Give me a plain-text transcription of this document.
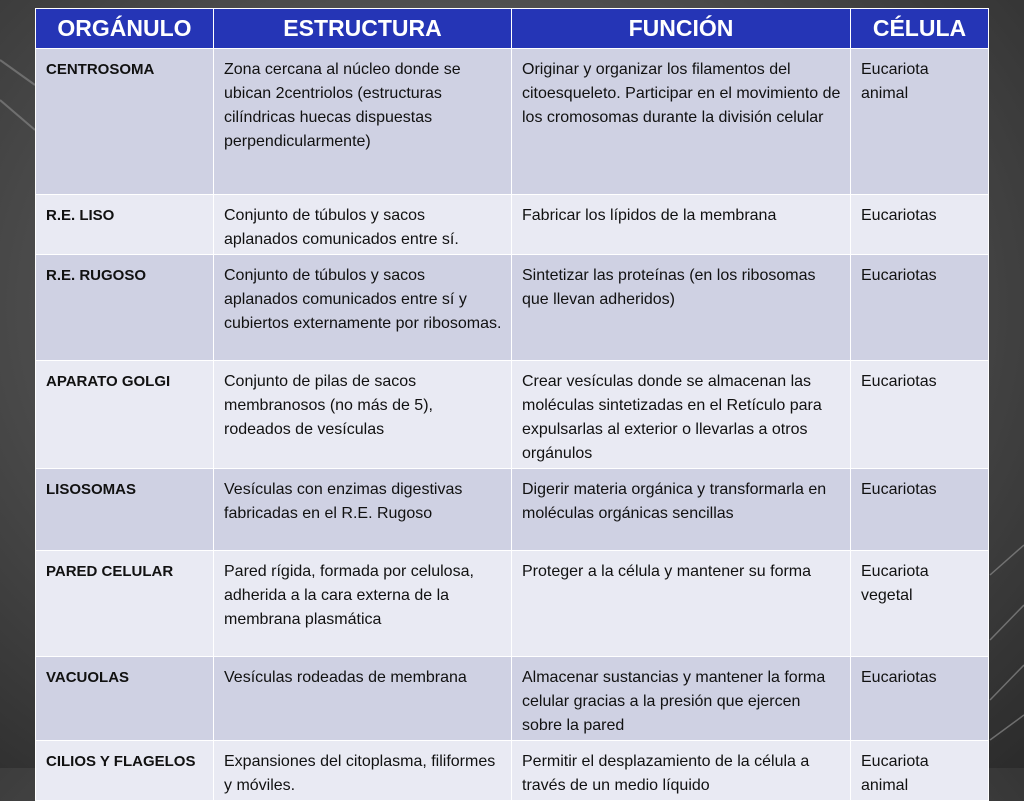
ORGÁNULO	ESTRUCTURA	FUNCIÓN	CÉLULA
CENTROSOMA	Zona cercana al núcleo donde se ubican 2centriolos (estructuras cilíndricas huecas dispuestas perpendicularmente)	Originar y organizar los filamentos del citoesqueleto. Participar en el movimiento de los cromosomas durante la división celular	Eucariota animal
R.E. LISO	Conjunto de túbulos y sacos aplanados comunicados entre sí.	Fabricar los lípidos de la membrana	Eucariotas
R.E. RUGOSO	Conjunto de túbulos y sacos aplanados comunicados entre sí y cubiertos externamente por ribosomas.	Sintetizar las proteínas (en los ribosomas que llevan adheridos)	Eucariotas
APARATO GOLGI	Conjunto de pilas de sacos membranosos (no más de 5), rodeados de vesículas	Crear vesículas donde se almacenan las moléculas sintetizadas en el Retículo para expulsarlas al exterior o llevarlas a otros orgánulos	Eucariotas
LISOSOMAS	Vesículas con enzimas digestivas fabricadas en el R.E. Rugoso	Digerir materia orgánica y transformarla en moléculas orgánicas sencillas	Eucariotas
PARED CELULAR	Pared rígida, formada por celulosa, adherida a la cara externa de la membrana plasmática	Proteger a la célula y mantener su forma	Eucariota vegetal
VACUOLAS	Vesículas rodeadas de membrana	Almacenar sustancias y mantener la forma celular gracias a la presión que ejercen sobre la pared	Eucariotas
CILIOS Y FLAGELOS	Expansiones del citoplasma, filiformes y móviles.	Permitir el desplazamiento de la célula a través de un medio líquido	Eucariota animal
